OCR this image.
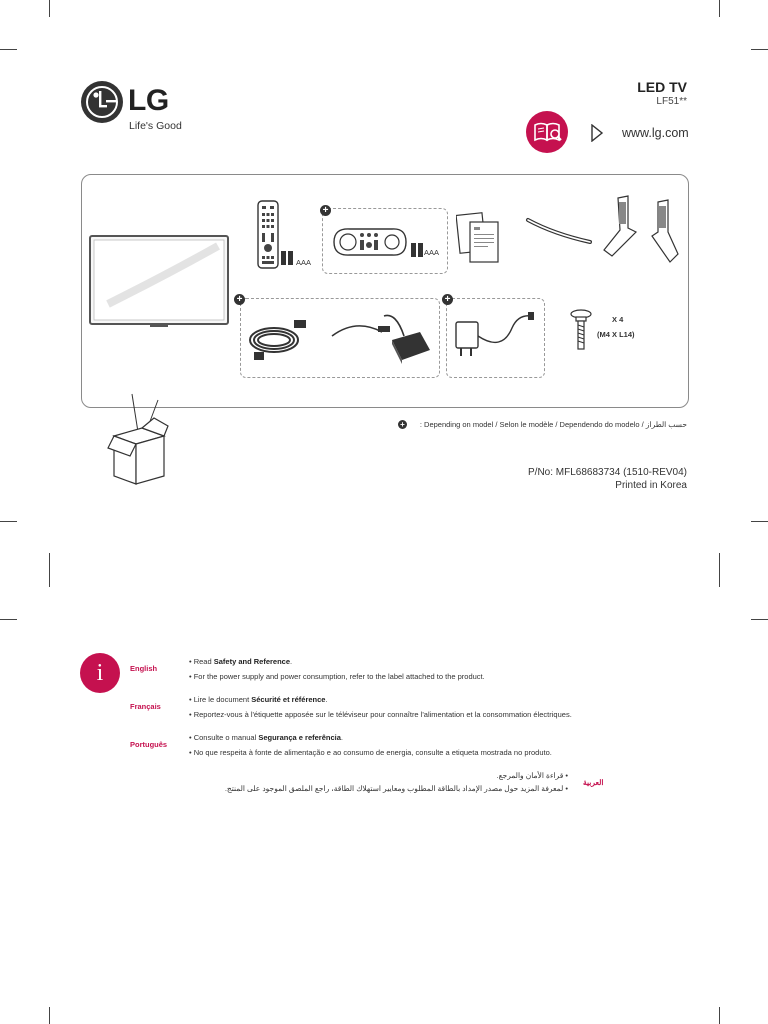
LG
Life's Good
LED TV
LF51**
www.lg.com
AAA
+
AAA
+	+
X 4
(M4 X L14)
+ : Depending on model / Selon le modèle / Dependendo do modelo / حسب الطراز
P/No: MFL68683734 (1510-REV04)
Printed in Korea
i	English
• Read Safety and Reference.
• For the power supply and power consumption, refer to the label attached to the product.
Français
• Lire le document Sécurité et référence.
• Reportez-vous à l'étiquette apposée sur le téléviseur pour connaître l'alimentation et la consommation électriques.
Português
• Consulte o manual Segurança e referência.
• No que respeita à fonte de alimentação e ao consumo de energia, consulte a etiqueta mostrada no produto.
العربية
• قراءة الأمان والمرجع.
• لمعرفة المزيد حول مصدر الإمداد بالطاقة المطلوب ومعايير استهلاك الطاقة، راجع الملصق الموجود على المنتج.
